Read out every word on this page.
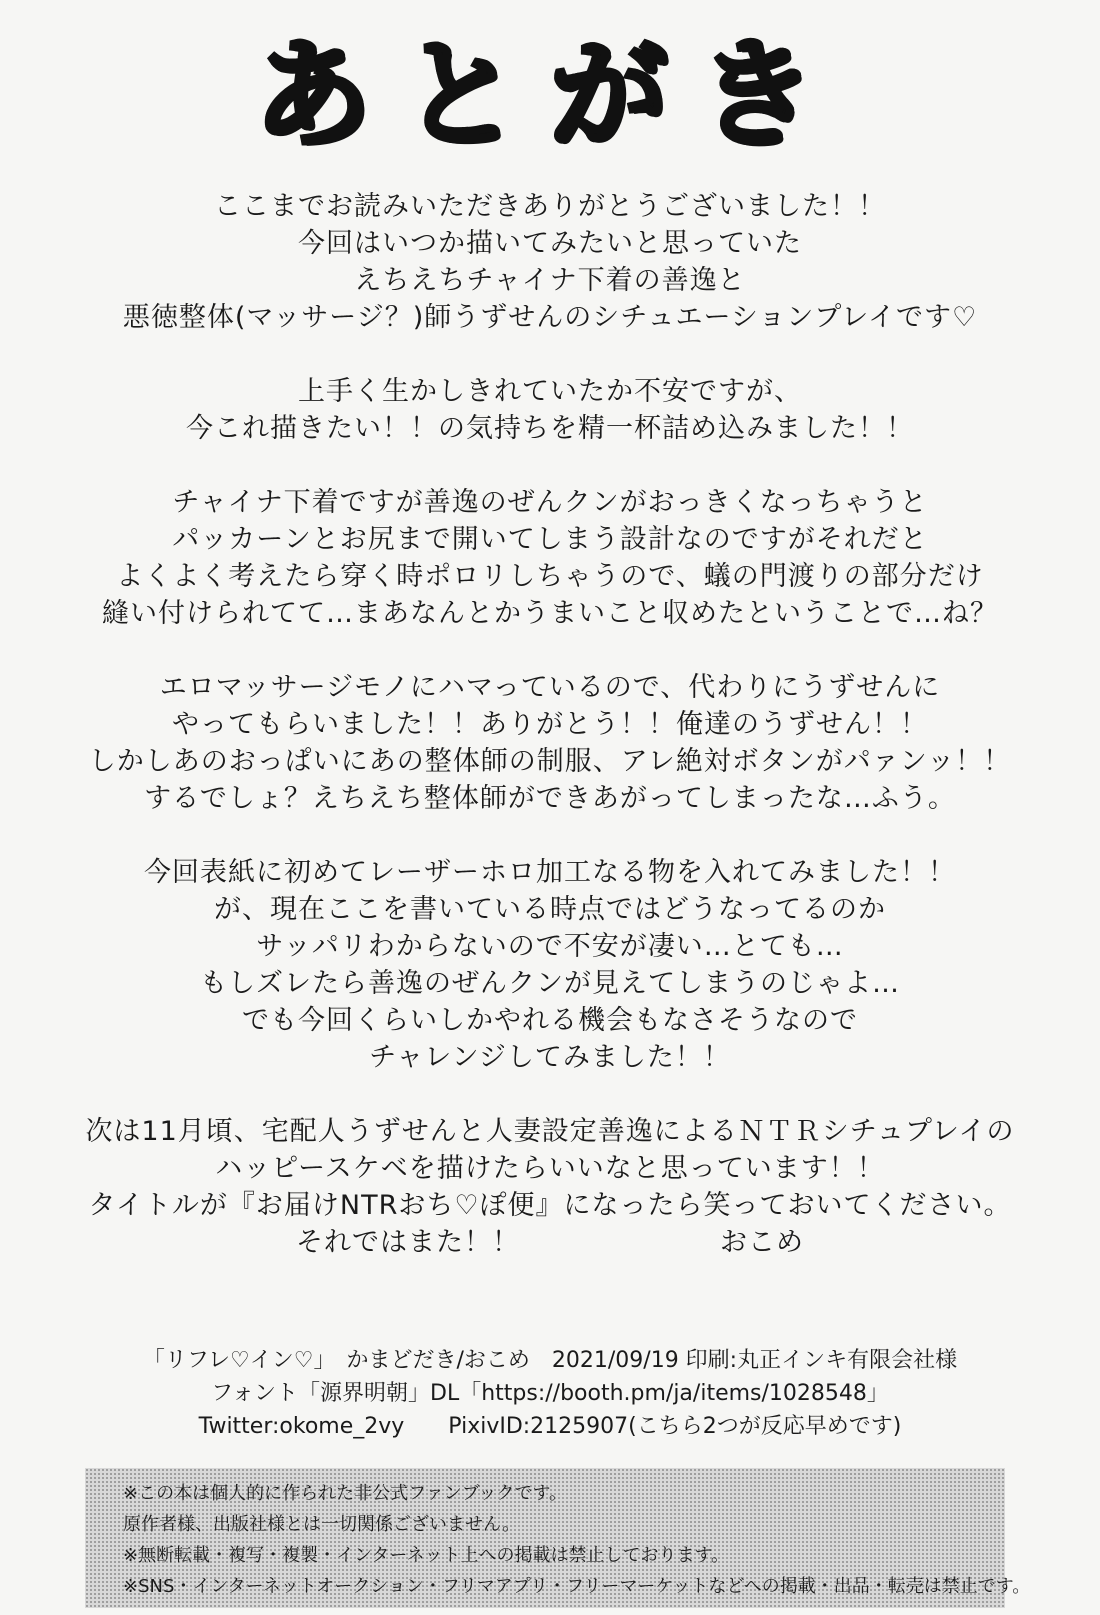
あとがき
ここまでお読みいただきありがとうございました！！
今回はいつか描いてみたいと思っていた
えちえちチャイナ下着の善逸と
悪徳整体(マッサージ？)師うずせんのシチュエーションプレイです♡
上手く生かしきれていたか不安ですが、
今これ描きたい！！の気持ちを精一杯詰め込みました！！
チャイナ下着ですが善逸のぜんクンがおっきくなっちゃうと
パッカーンとお尻まで開いてしまう設計なのですがそれだと
よくよく考えたら穿く時ポロリしちゃうので、蟻の門渡りの部分だけ
縫い付けられてて…まあなんとかうまいこと収めたということで…ね？
エロマッサージモノにハマっているので、代わりにうずせんに
やってもらいました！！ありがとう！！俺達のうずせん！！
しかしあのおっぱいにあの整体師の制服、アレ絶対ボタンがパァンッ！！
するでしょ？えちえち整体師ができあがってしまったな…ふう。
今回表紙に初めてレーザーホロ加工なる物を入れてみました！！
が、現在ここを書いている時点ではどうなってるのか
サッパリわからないので不安が凄い…とても…
もしズレたら善逸のぜんクンが見えてしまうのじゃよ…
でも今回くらいしかやれる機会もなさそうなので
チャレンジしてみました！！
次は11月頃、宅配人うずせんと人妻設定善逸によるＮＴＲシチュプレイの
ハッピースケベを描けたらいいなと思っています！！
タイトルが『お届けNTRおち♡ぽ便』になったら笑っておいてください。
それではまた！！	おこめ
「リフレ♡イン♡」　かまどだき/おこめ　2021/09/19 印刷:丸正インキ有限会社様
フォント「源界明朝」DL「https://booth.pm/ja/items/1028548」
Twitter:okome_2vy　　PixivID:2125907(こちら2つが反応早めです)
※この本は個人的に作られた非公式ファンブックです。
原作者様、出版社様とは一切関係ございません。
※無断転載・複写・複製・インターネット上への掲載は禁止しております。
※SNS・インターネットオークション・フリマアプリ・フリーマーケットなどへの掲載・出品・転売は禁止です。
